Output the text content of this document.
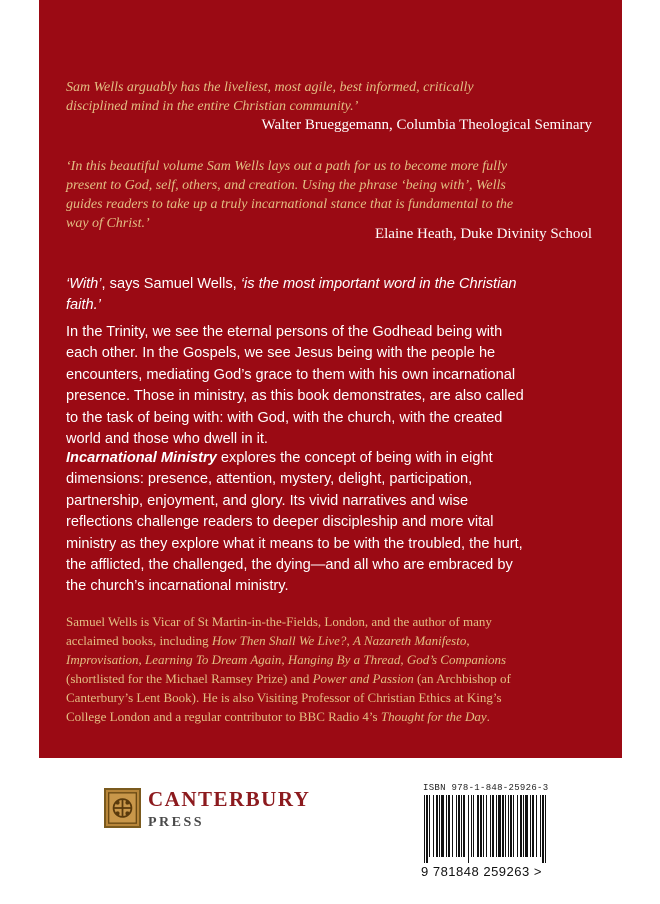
Sam Wells arguably has the liveliest, most agile, best informed, critically disciplined mind in the entire Christian community.’

Walter Brueggemann, Columbia Theological Seminary

‘In this beautiful volume Sam Wells lays out a path for us to become more fully present to God, self, others, and creation. Using the phrase ‘being with’, Wells guides readers to take up a truly incarnational stance that is fundamental to the way of Christ.’

Elaine Heath, Duke Divinity School

‘With’, says Samuel Wells, ‘is the most important word in the Christian faith.’

In the Trinity, we see the eternal persons of the Godhead being with each other. In the Gospels, we see Jesus being with the people he encounters, mediating God’s grace to them with his own incarnational presence. Those in ministry, as this book demonstrates, are also called to the task of being with: with God, with the church, with the created world and those who dwell in it.

Incarnational Ministry explores the concept of being with in eight dimensions: presence, attention, mystery, delight, participation, partnership, enjoyment, and glory. Its vivid narratives and wise reflections challenge readers to deeper discipleship and more vital ministry as they explore what it means to be with the troubled, the hurt, the afflicted, the challenged, the dying—and all who are embraced by the church’s incarnational ministry.

Samuel Wells is Vicar of St Martin-in-the-Fields, London, and the author of many acclaimed books, including How Then Shall We Live?, A Nazareth Manifesto, Improvisation, Learning To Dream Again, Hanging By a Thread, God’s Companions (shortlisted for the Michael Ramsey Prize) and Power and Passion (an Archbishop of Canterbury’s Lent Book). He is also Visiting Professor of Christian Ethics at King’s College London and a regular contributor to BBC Radio 4’s Thought for the Day.

CANTERBURY
PRESS
ISBN 978-1-848-25926-3
9 781848 259263 >
